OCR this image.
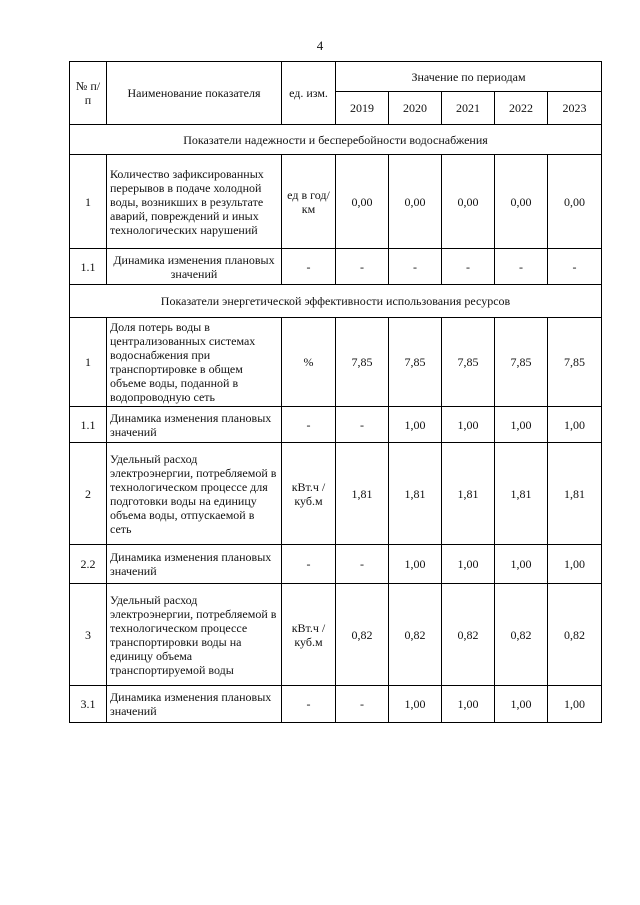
4
№ п/п	Наименование показателя	ед. изм.	Значение по периодам				
			2019	2020	2021	2022	2023
Показатели надежности и бесперебойности водоснабжения							
1	Количество зафиксированных перерывов в подаче холодной воды, возникших в результате аварий, повреждений и иных технологических нарушений	ед в год/ км	0,00	0,00	0,00	0,00	0,00
1.1	Динамика изменения плановых значений	-	-	-	-	-	-
Показатели энергетической эффективности использования ресурсов							
1	Доля потерь воды в централизованных системах водоснабжения при транспортировке в общем объеме воды, поданной в водопроводную сеть	%	7,85	7,85	7,85	7,85	7,85
1.1	Динамика изменения плановых значений	-	-	1,00	1,00	1,00	1,00
2	Удельный расход электроэнергии, потребляемой в технологическом процессе для подготовки воды на единицу объема воды, отпускаемой в сеть	кВт.ч / куб.м	1,81	1,81	1,81	1,81	1,81
2.2	Динамика изменения плановых значений	-	-	1,00	1,00	1,00	1,00
3	Удельный расход электроэнергии, потребляемой в технологическом процессе транспортировки воды на единицу объема транспортируемой воды	кВт.ч / куб.м	0,82	0,82	0,82	0,82	0,82
3.1	Динамика изменения плановых значений	-	-	1,00	1,00	1,00	1,00
